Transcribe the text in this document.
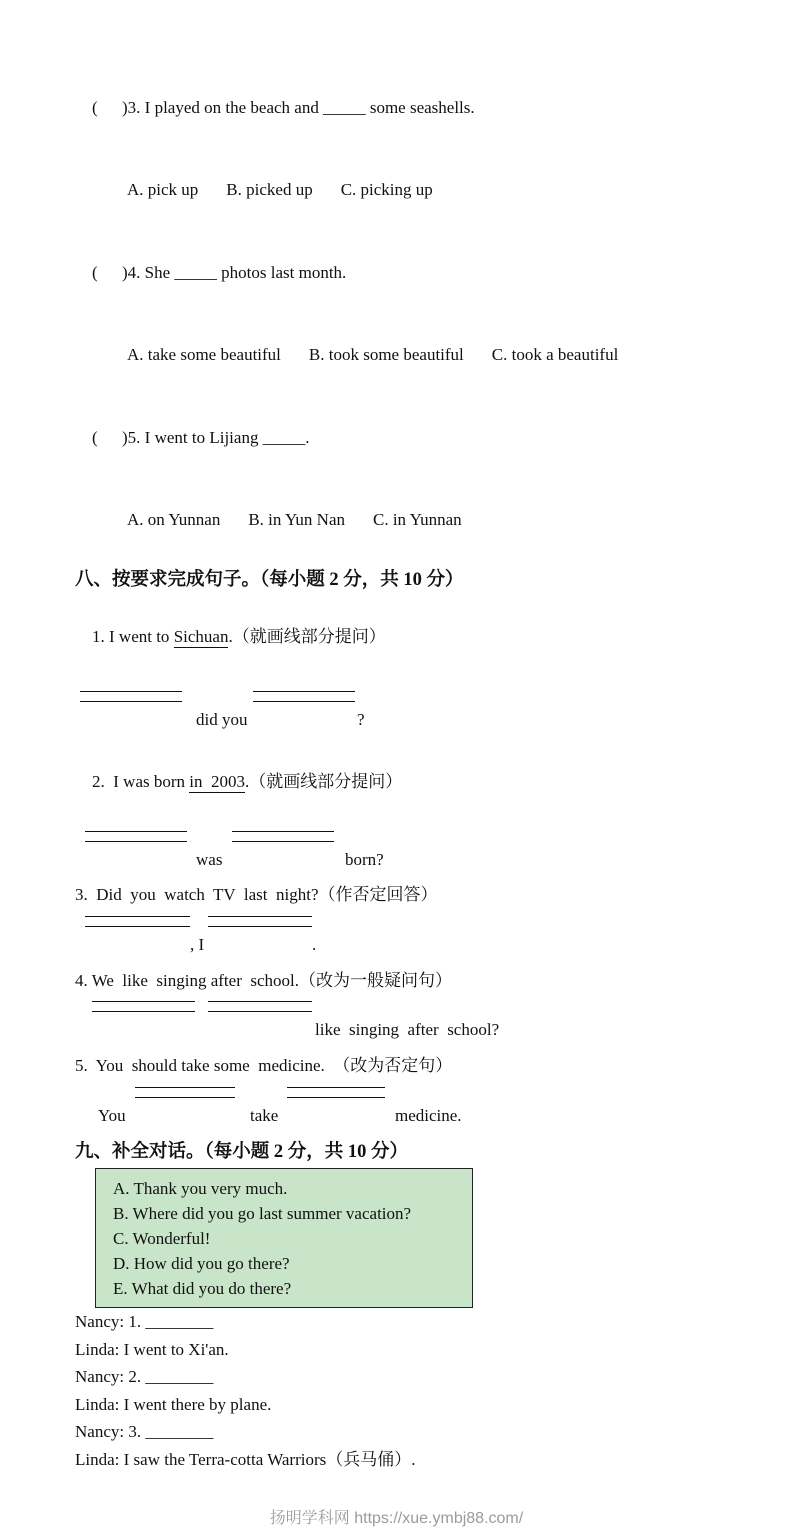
( )3. I played on the beach and _____ some seashells.

A. pick up B. picked up C. picking up

( )4. She _____ photos last month.

A. take some beautiful B. took some beautiful C. took a beautiful

( )5. I went to Lijiang _____.

A. on Yunnan B. in Yun Nan C. in Yunnan

八、按要求完成句子。（每小题 2 分，共 10 分）

1. I went to Sichuan.（就画线部分提问）

did you

	?

2.  I was born in  2003.（就画线部分提问）

was

	born?

3.  Did  you  watch  TV  last  night?（作否定回答）

, I

	.

4. We  like  singing after  school.（改为一般疑问句）

like  singing  after  school?

5.  You  should take some  medicine.  （改为否定句）

You

	take

	medicine.

九、补全对话。（每小题 2 分，共 10 分）
A. Thank you very much.
B. Where did you go last summer vacation?
C. Wonderful!
D. How did you go there?
E. What did you do there?
Nancy: 1. ________
Linda: I went to Xi'an.
Nancy: 2. ________
Linda: I went there by plane.
Nancy: 3. ________
Linda: I saw the Terra-cotta Warriors（兵马俑）.
扬明学科网 https://xue.ymbj88.com/
